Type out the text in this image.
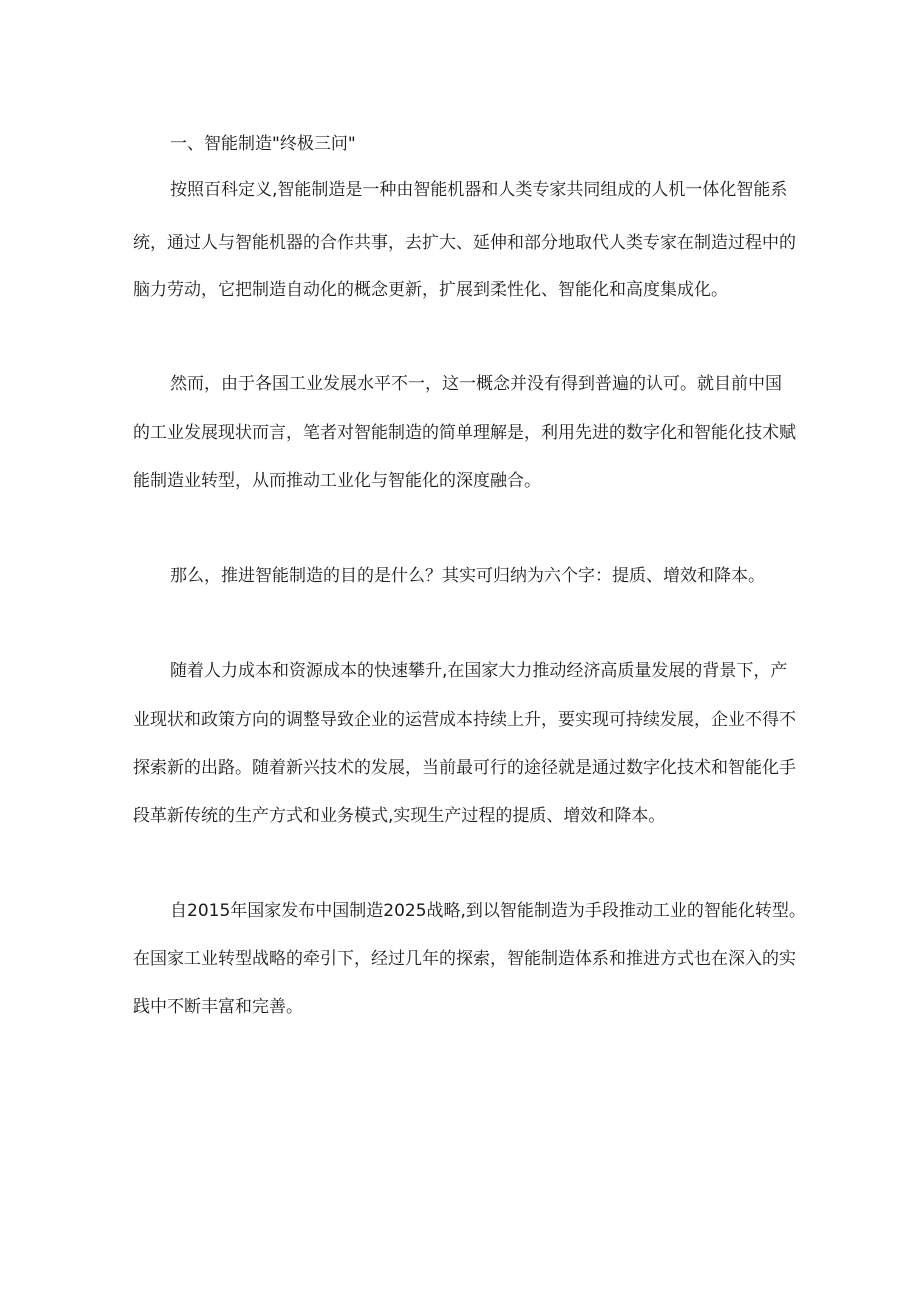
一、智能制造"终极三问"
按照百科定义,智能制造是一种由智能机器和人类专家共同组成的人机一体化智能系
统，通过人与智能机器的合作共事，去扩大、延伸和部分地取代人类专家在制造过程中的
脑力劳动，它把制造自动化的概念更新，扩展到柔性化、智能化和高度集成化。
然而，由于各国工业发展水平不一，这一概念并没有得到普遍的认可。就目前中国
的工业发展现状而言，笔者对智能制造的简单理解是，利用先进的数字化和智能化技术赋
能制造业转型，从而推动工业化与智能化的深度融合。
那么，推进智能制造的目的是什么？其实可归纳为六个字：提质、增效和降本。
随着人力成本和资源成本的快速攀升,在国家大力推动经济高质量发展的背景下，产
业现状和政策方向的调整导致企业的运营成本持续上升，要实现可持续发展，企业不得不
探索新的出路。随着新兴技术的发展，当前最可行的途径就是通过数字化技术和智能化手
段革新传统的生产方式和业务模式,实现生产过程的提质、增效和降本。
自2015年国家发布中国制造2025战略,到以智能制造为手段推动工业的智能化转型。
在国家工业转型战略的牵引下，经过几年的探索，智能制造体系和推进方式也在深入的实
践中不断丰富和完善。
